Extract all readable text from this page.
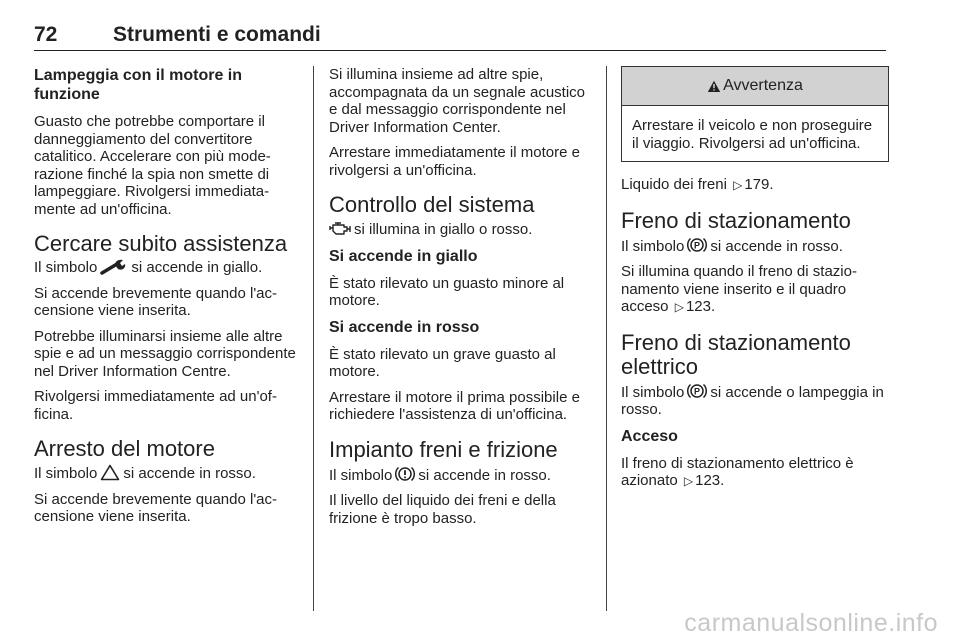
72	Strumenti e comandi
Lampeggia con il motore in funzione

Guasto che potrebbe comportare il danneggiamento del convertitore catalitico. Accelerare con più moderazione finché la spia non smette di lampeggiare. Rivolgersi immediatamente ad un'officina.

Cercare subito assistenza

Il simbolo si accende in giallo.

Si accende brevemente quando l'accensione viene inserita.

Potrebbe illuminarsi insieme alle altre spie e ad un messaggio corrispondente nel Driver Information Centre.

Rivolgersi immediatamente ad un'officina.

Arresto del motore

Il simbolo si accende in rosso.

Si accende brevemente quando l'accensione viene inserita.

Si illumina insieme ad altre spie, accompagnata da un segnale acustico e dal messaggio corrispondente nel Driver Information Center.

Arrestare immediatamente il motore e rivolgersi a un'officina.

Controllo del sistema

si illumina in giallo o rosso.

Si accende in giallo

È stato rilevato un guasto minore al motore.

Si accende in rosso

È stato rilevato un grave guasto al motore.

Arrestare il motore il prima possibile e richiedere l'assistenza di un'officina.

Impianto freni e frizione

Il simbolo si accende in rosso.

Il livello del liquido dei freni e della frizione è tropo basso.

Avvertenza

Arrestare il veicolo e non proseguire il viaggio. Rivolgersi ad un'officina.

Liquido dei freni ▷ 179.

Freno di stazionamento

Il simbolo P si accende in rosso.

Si illumina quando il freno di stazionamento viene inserito e il quadro acceso ▷ 123.

Freno di stazionamento elettrico

Il simbolo P si accende o lampeggia in rosso.

Acceso

Il freno di stazionamento elettrico è azionato ▷ 123.

carmanualsonline.info
